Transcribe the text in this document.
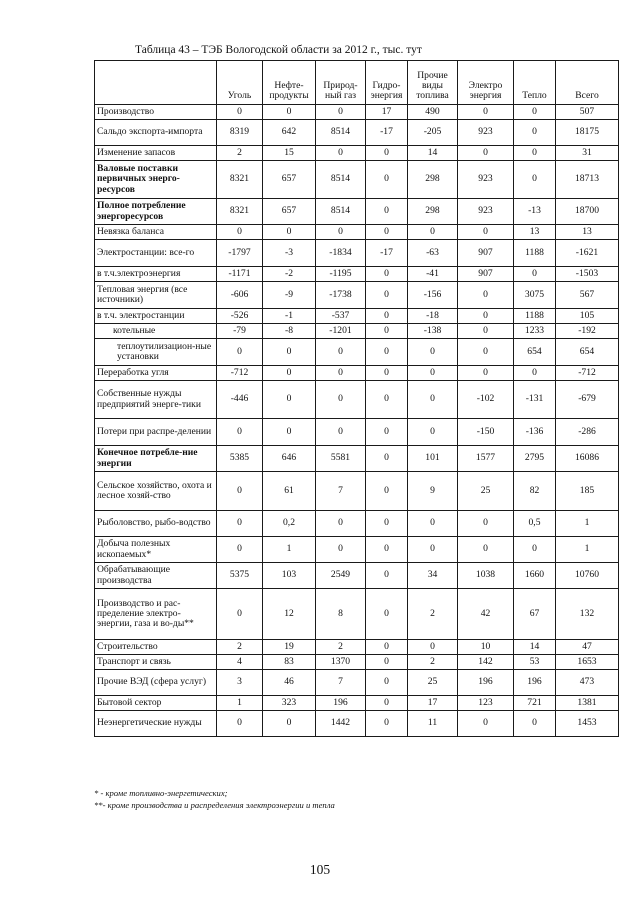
Таблица 43 – ТЭБ Вологодской области за 2012 г., тыс. тут
	Уголь	Нефте-продукты	Природ-ный газ	Гидро-энергия	Прочие виды топлива	Электро энергия	Тепло	Всего
Производство	0	0	0	17	490	0	0	507
Сальдо экспорта-импорта	8319	642	8514	-17	-205	923	0	18175
Изменение запасов	2	15	0	0	14	0	0	31
Валовые поставки первичных энерго-ресурсов	8321	657	8514	0	298	923	0	18713
Полное потребление энергоресурсов	8321	657	8514	0	298	923	-13	18700
Невязка баланса	0	0	0	0	0	0	13	13
Электростанции: все-го	-1797	-3	-1834	-17	-63	907	1188	-1621
в т.ч.электроэнергия	-1171	-2	-1195	0	-41	907	0	-1503
Тепловая энергия (все источники)	-606	-9	-1738	0	-156	0	3075	567
в т.ч. электростанции	-526	-1	-537	0	-18	0	1188	105
котельные	-79	-8	-1201	0	-138	0	1233	-192
теплоутилизацион-ные установки	0	0	0	0	0	0	654	654
Переработка угля	-712	0	0	0	0	0	0	-712
Собственные нужды предприятий энерге-тики	-446	0	0	0	0	-102	-131	-679
Потери при распре-делении	0	0	0	0	0	-150	-136	-286
Конечное потребле-ние энергии	5385	646	5581	0	101	1577	2795	16086
Сельское хозяйство, охота и лесное хозяй-ство	0	61	7	0	9	25	82	185
Рыболовство, рыбо-водство	0	0,2	0	0	0	0	0,5	1
Добыча полезных ископаемых*	0	1	0	0	0	0	0	1
Обрабатывающие производства	5375	103	2549	0	34	1038	1660	10760
Производство и рас-пределение электро-энергии, газа и во-ды**	0	12	8	0	2	42	67	132
Строительство	2	19	2	0	0	10	14	47
Транспорт и связь	4	83	1370	0	2	142	53	1653
Прочие ВЭД (сфера услуг)	3	46	7	0	25	196	196	473
Бытовой сектор	1	323	196	0	17	123	721	1381
Неэнергетические нужды	0	0	1442	0	11	0	0	1453
* - кроме топливно-энергетических;
**- кроме производства и распределения электроэнергии и тепла
105
